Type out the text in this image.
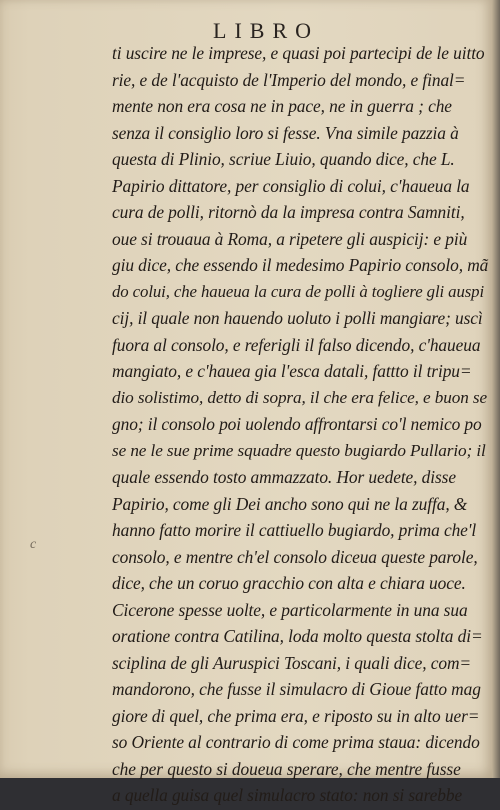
LIBRO
ti uscire ne le imprese, e quasi poi partecipi de le uitto
rie, e de l'acquisto de l'Imperio del mondo, e final=
mente non era cosa ne in pace, ne in guerra ; che
senza il consiglio loro si fesse. Vna simile pazzia à
questa di Plinio, scriue Liuio, quando dice, che L.
Papirio dittatore, per consiglio di colui, c'haueua la
cura de polli, ritornò da la impresa contra Samniti,
oue si trouaua à Roma, a ripetere gli auspicij: e più
giu dice, che essendo il medesimo Papirio consolo, mã
do colui, che haueua la cura de polli à togliere gli auspi
cij, il quale non hauendo uoluto i polli mangiare; uscì
fuora al consolo, e referigli il falso dicendo, c'haueua
mangiato, e c'hauea gia l'esca datali, fattto il tripu=
dio solistimo, detto di sopra, il che era felice, e buon se
gno; il consolo poi uolendo affrontarsi co'l nemico po
se ne le sue prime squadre questo bugiardo Pullario; il
quale essendo tosto ammazzato. Hor uedete, disse
Papirio, come gli Dei ancho sono qui ne la zuffa, &
hanno fatto morire il cattiuello bugiardo, prima che'l
consolo, e mentre ch'el consolo diceua queste parole,
dice, che un coruo gracchio con alta e chiara uoce.
Cicerone spesse uolte, e particolarmente in una sua
oratione contra Catilina, loda molto questa stolta di=
sciplina de gli Aurusp​ici Toscani, i quali dice, com=
mandorono, che fusse il simulacro di Gioue fatto mag
giore di quel, che prima era, e riposto su in alto uer=
so Oriente al contrario di come prima staua: dicendo
che per questo si doueua sperare, che mentre fusse
a quella guisa quel simulacro stato: non si sarebbe
c
